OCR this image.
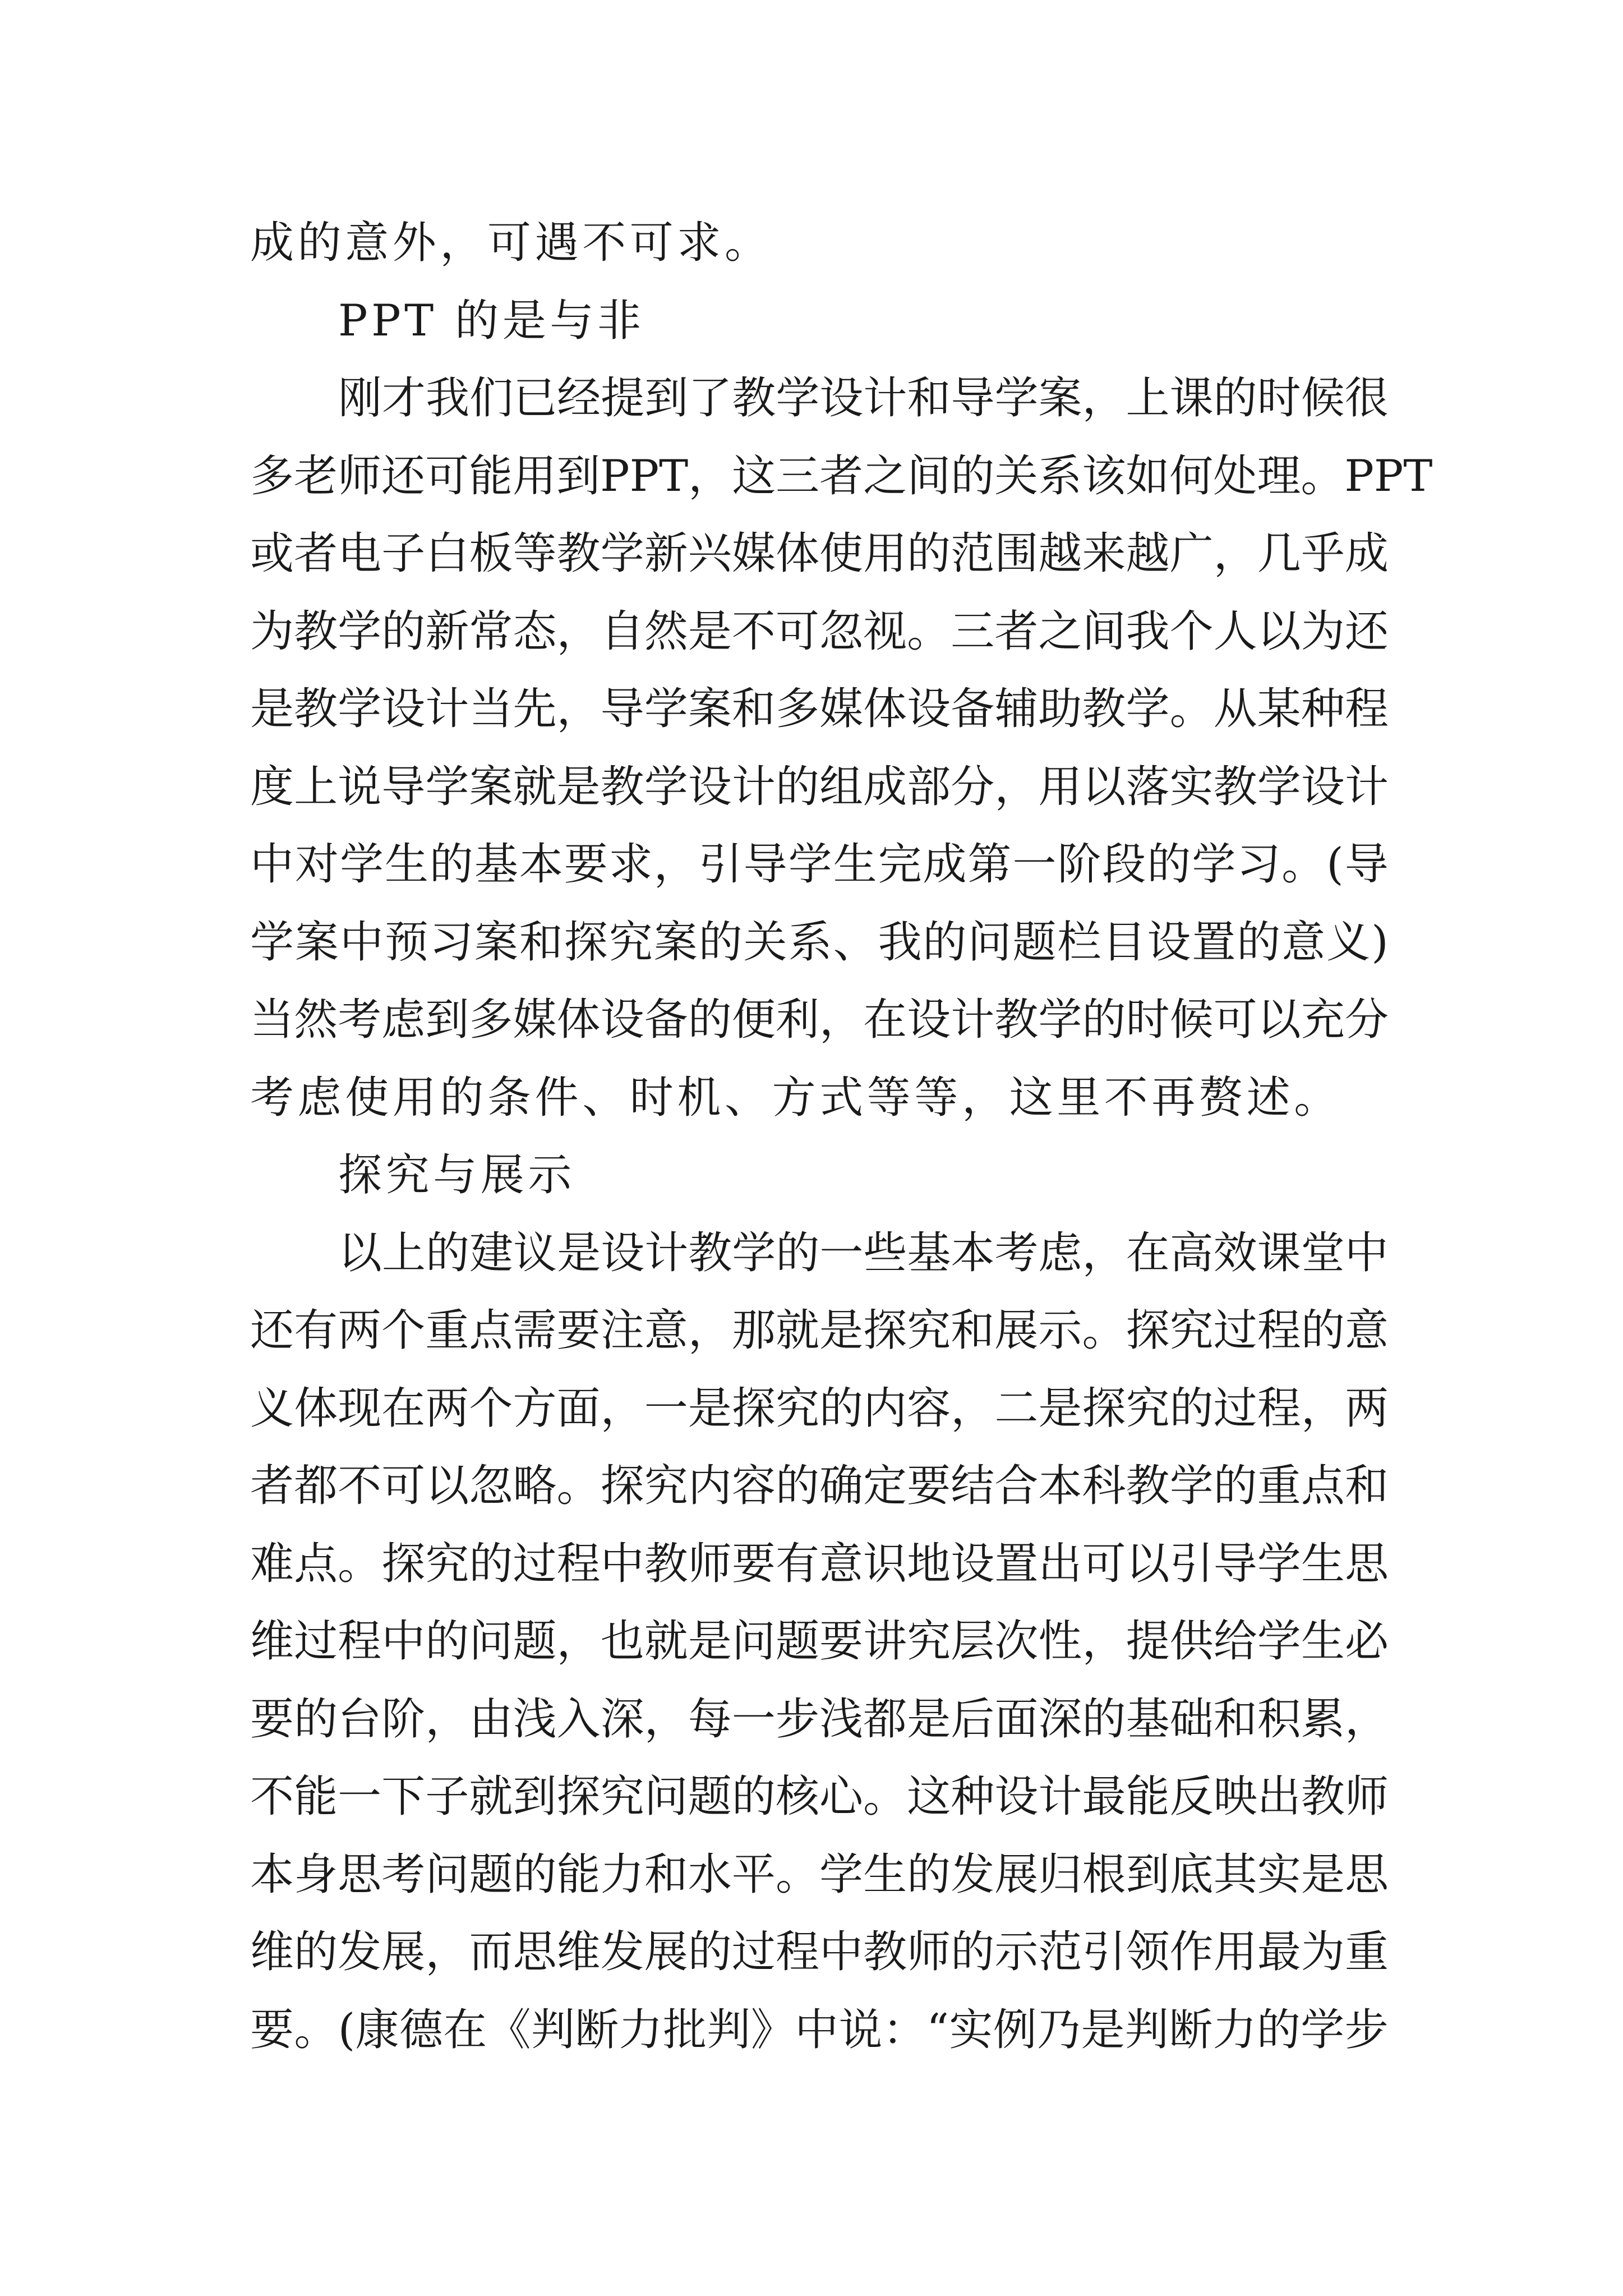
成的意外，可遇不可求。
PPT 的是与非
刚 才 我 们 已 经 提 到 了 教 学 设 计 和 导 学 案 ， 上 课 的 时 候 很
多 老 师 还 可 能 用 到 PPT ， 这 三 者 之 间 的 关 系 该 如 何 处 理 。 PPT
或 者 电 子 白 板 等 教 学 新 兴 媒 体 使 用 的 范 围 越 来 越 广 ， 几 乎 成
为 教 学 的 新 常 态 ， 自 然 是 不 可 忽 视 。 三 者 之 间 我 个 人 以 为 还
是 教 学 设 计 当 先 ， 导 学 案 和 多 媒 体 设 备 辅 助 教 学 。 从 某 种 程
度 上 说 导 学 案 就 是 教 学 设 计 的 组 成 部 分 ， 用 以 落 实 教 学 设 计
中 对 学 生 的 基 本 要 求 ， 引 导 学 生 完 成 第 一 阶 段 的 学 习 。 ( 导
学 案 中 预 习 案 和 探 究 案 的 关 系 、 我 的 问 题 栏 目 设 置 的 意 义 )
当 然 考 虑 到 多 媒 体 设 备 的 便 利 ， 在 设 计 教 学 的 时 候 可 以 充 分
考虑使用的条件、时机、方式等等，这里不再赘述。
探究与展示
以 上 的 建 议 是 设 计 教 学 的 一 些 基 本 考 虑 ， 在 高 效 课 堂 中
还 有 两 个 重 点 需 要 注 意 ， 那 就 是 探 究 和 展 示 。 探 究 过 程 的 意
义 体 现 在 两 个 方 面 ， 一 是 探 究 的 内 容 ， 二 是 探 究 的 过 程 ， 两
者 都 不 可 以 忽 略 。 探 究 内 容 的 确 定 要 结 合 本 科 教 学 的 重 点 和
难 点 。 探 究 的 过 程 中 教 师 要 有 意 识 地 设 置 出 可 以 引 导 学 生 思
维 过 程 中 的 问 题 ， 也 就 是 问 题 要 讲 究 层 次 性 ， 提 供 给 学 生 必
要 的 台 阶 ， 由 浅 入 深 ， 每 一 步 浅 都 是 后 面 深 的 基 础 和 积 累 ，
不 能 一 下 子 就 到 探 究 问 题 的 核 心 。 这 种 设 计 最 能 反 映 出 教 师
本 身 思 考 问 题 的 能 力 和 水 平 。 学 生 的 发 展 归 根 到 底 其 实 是 思
维 的 发 展 ， 而 思 维 发 展 的 过 程 中 教 师 的 示 范 引 领 作 用 最 为 重
要 。 ( 康 德 在 《 判 断 力 批 判 》 中 说 ： “ 实 例 乃 是 判 断 力 的 学 步
